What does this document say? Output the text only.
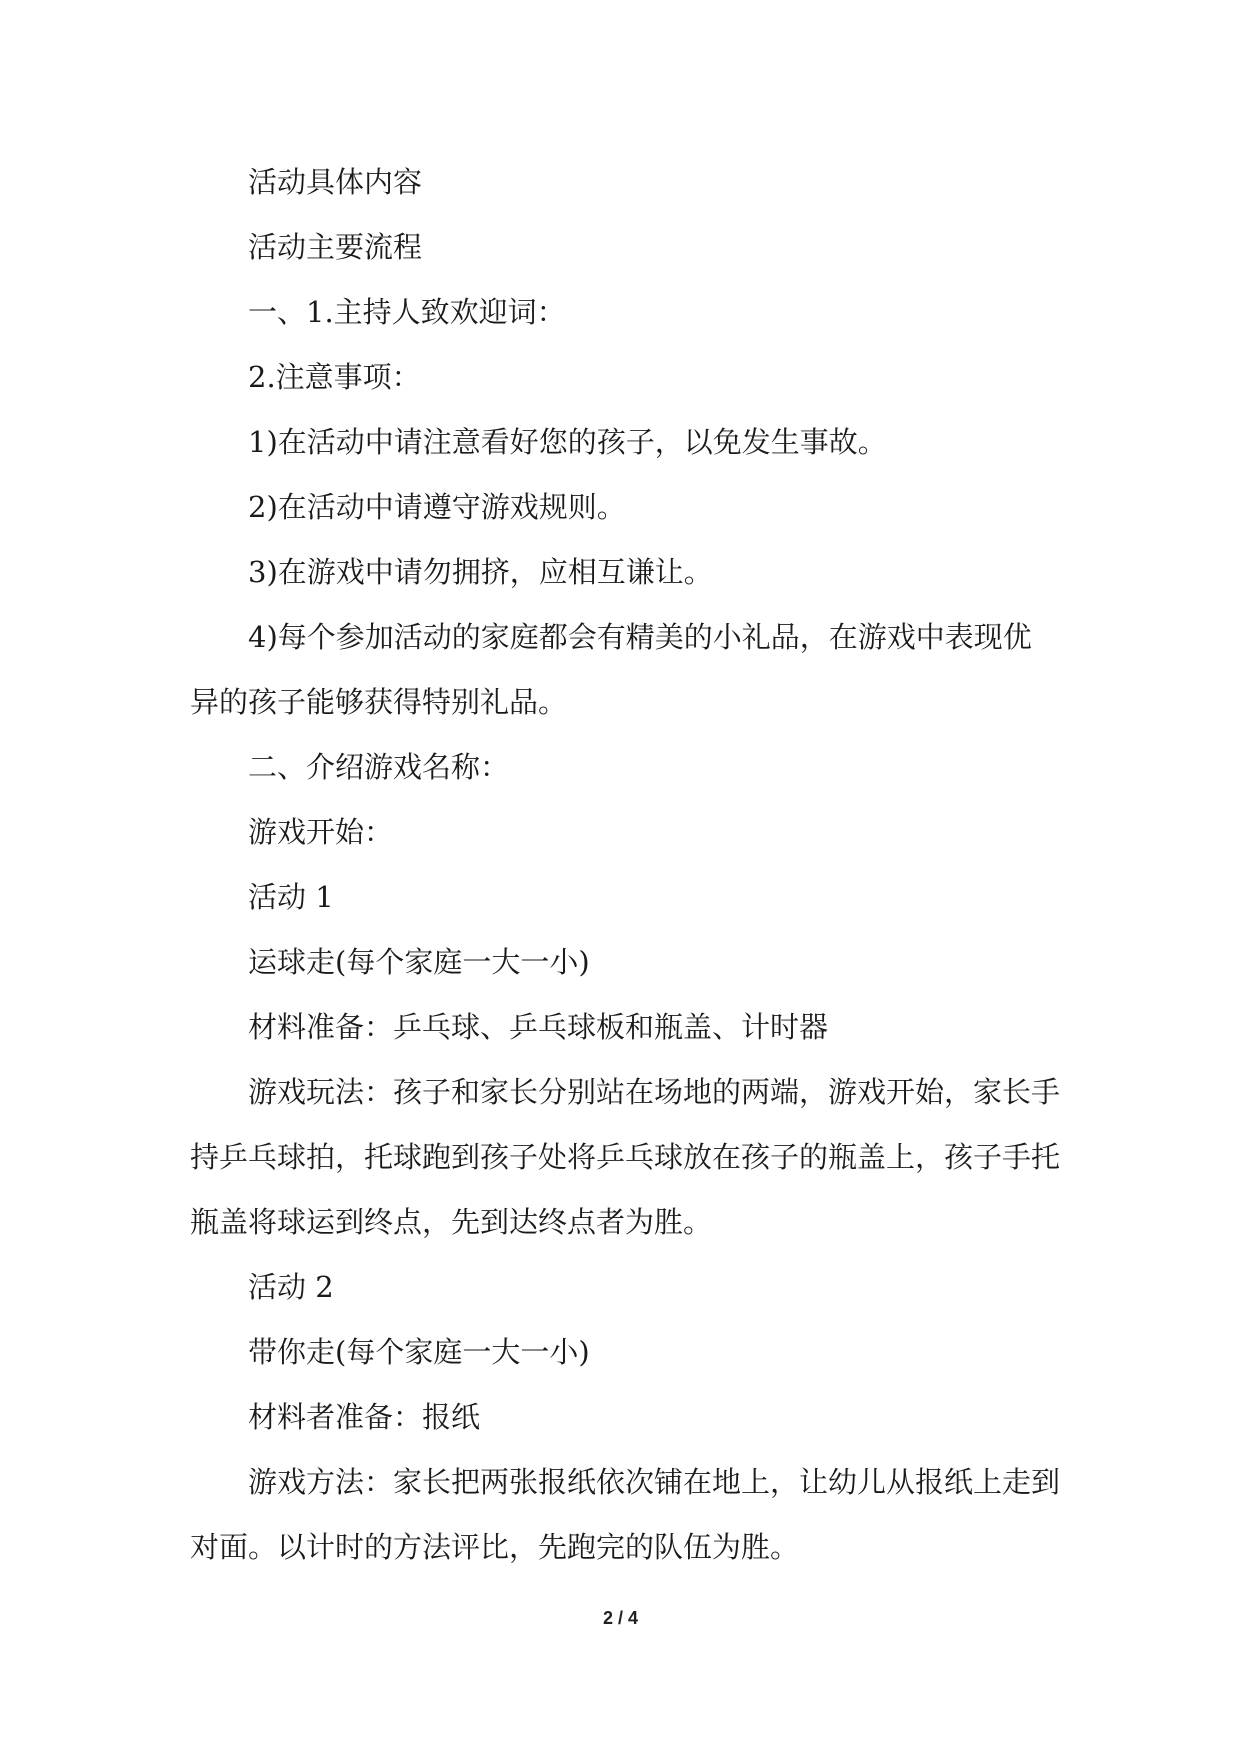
活动具体内容

活动主要流程

一、1.主持人致欢迎词：

2.注意事项：

1)在活动中请注意看好您的孩子，以免发生事故。

2)在活动中请遵守游戏规则。

3)在游戏中请勿拥挤，应相互谦让。

4)每个参加活动的家庭都会有精美的小礼品，在游戏中表现优异的孩子能够获得特别礼品。

二、介绍游戏名称：

游戏开始：

活动 1

运球走(每个家庭一大一小)

材料准备：乒乓球、乒乓球板和瓶盖、计时器

游戏玩法：孩子和家长分别站在场地的两端，游戏开始，家长手持乒乓球拍，托球跑到孩子处将乒乓球放在孩子的瓶盖上，孩子手托瓶盖将球运到终点，先到达终点者为胜。

活动 2

带你走(每个家庭一大一小)

材料者准备：报纸

游戏方法：家长把两张报纸依次铺在地上，让幼儿从报纸上走到对面。以计时的方法评比，先跑完的队伍为胜。

2 / 4
